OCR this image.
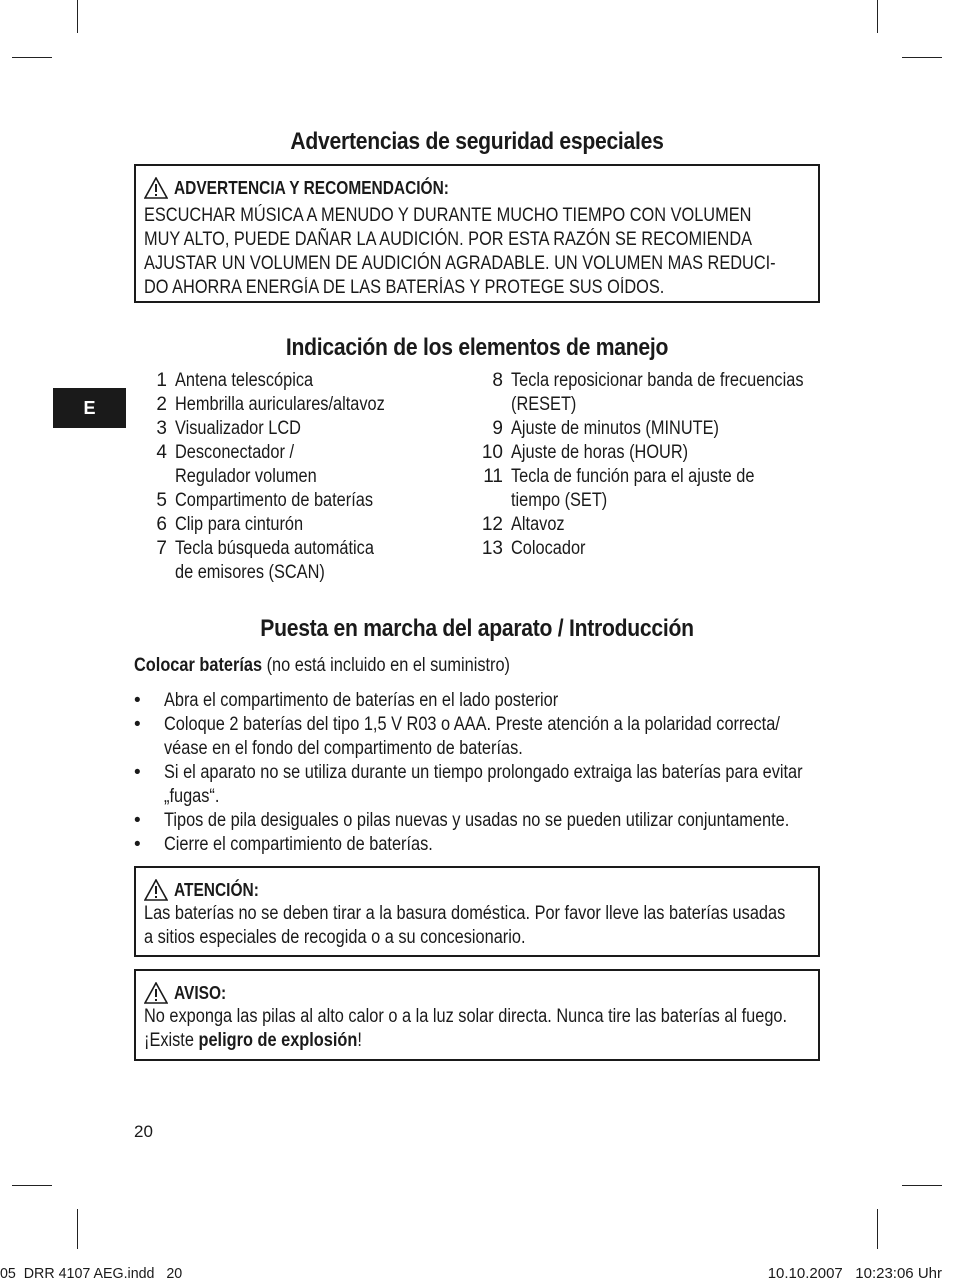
Advertencias de seguridad especiales
ADVERTENCIA Y RECOMENDACIÓN:
ESCUCHAR MÚSICA A MENUDO Y DURANTE MUCHO TIEMPO CON VOLUMEN
MUY ALTO, PUEDE DAÑAR LA AUDICIÓN. POR ESTA RAZÓN SE RECOMIENDA
AJUSTAR UN VOLUMEN DE AUDICIÓN AGRADABLE. UN VOLUMEN MAS REDUCI-
DO AHORRA ENERGÍA DE LAS BATERÍAS Y PROTEGE SUS OÍDOS.
Indicación de los elementos de manejo
E
1 Antena telescópica
2 Hembrilla auriculares/altavoz
3 Visualizador LCD
4 Desconectador /
Regulador volumen
5 Compartimento de baterías
6 Clip para cinturón
7 Tecla búsqueda automática
de emisores (SCAN)
8 Tecla reposicionar banda de frecuencias
(RESET)
9 Ajuste de minutos (MINUTE)
10 Ajuste de horas (HOUR)
11 Tecla de función para el ajuste de
tiempo (SET)
12 Altavoz
13 Colocador
Puesta en marcha del aparato / Introducción
Colocar baterías (no está incluido en el suministro)
• Abra el compartimento de baterías en el lado posterior
• Coloque 2 baterías del tipo 1,5 V R03 o AAA. Preste atención a la polaridad correcta/
véase en el fondo del compartimento de baterías.
• Si el aparato no se utiliza durante un tiempo prolongado extraiga las baterías para evitar
„fugas“.
• Tipos de pila desiguales o pilas nuevas y usadas no se pueden utilizar conjuntamente.
• Cierre el compartimiento de baterías.
ATENCIÓN:
Las baterías no se deben tirar a la basura doméstica. Por favor lleve las baterías usadas
a sitios especiales de recogida o a su concesionario.
AVISO:
No exponga las pilas al alto calor o a la luz solar directa. Nunca tire las baterías al fuego.
¡Existe peligro de explosión!
20
05  DRR 4107 AEG.indd   20	10.10.2007   10:23:06 Uhr
